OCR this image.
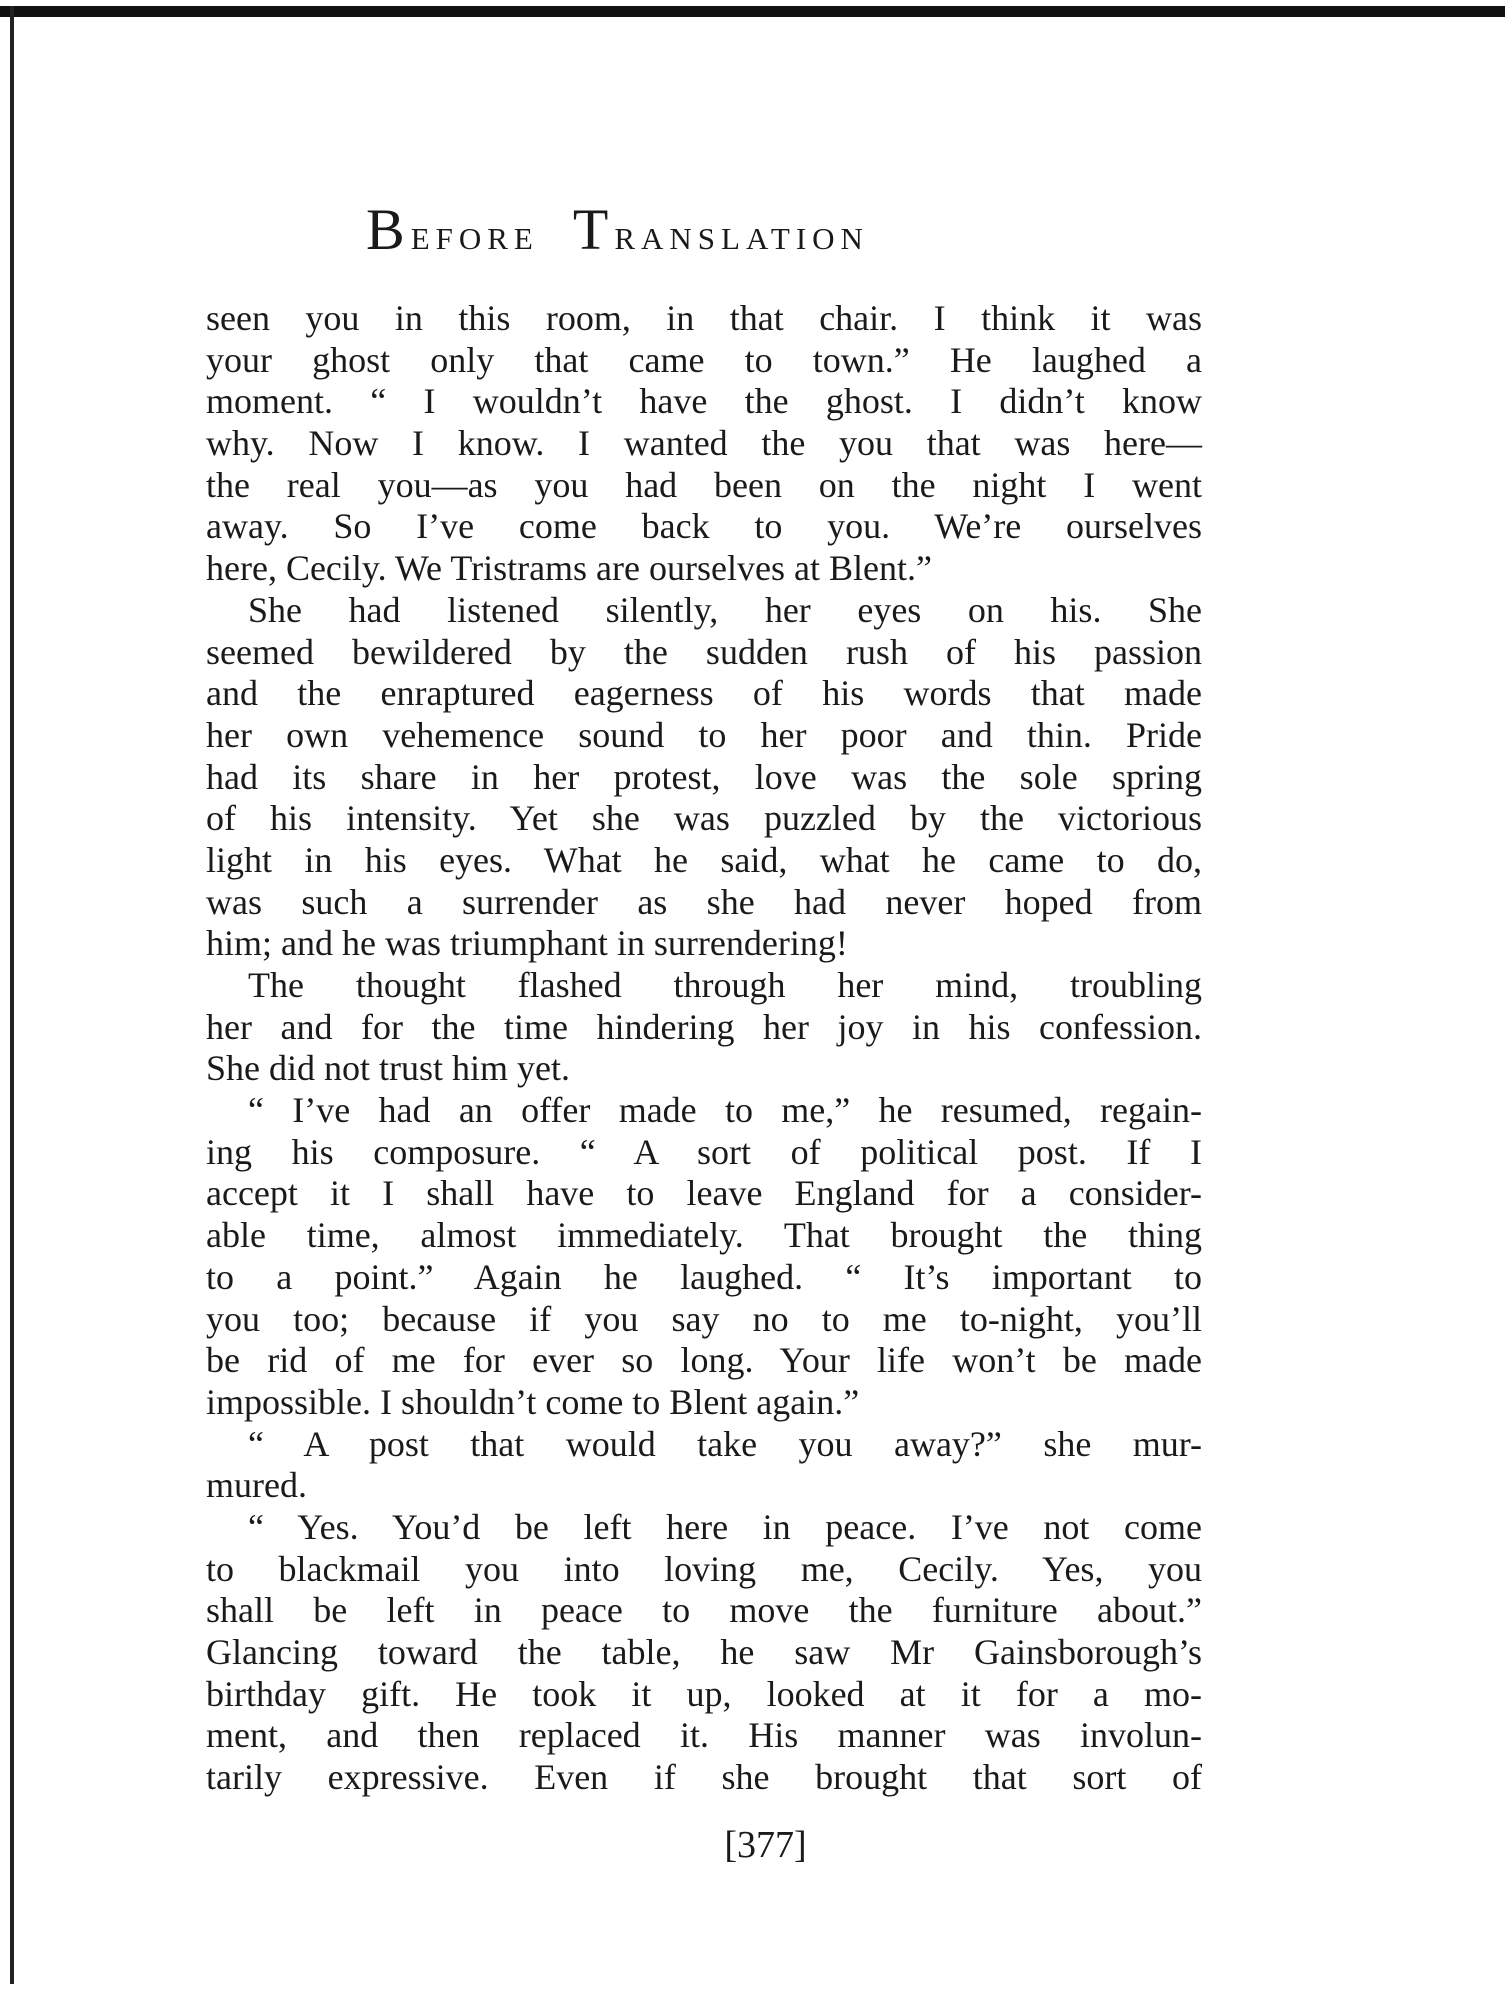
Before Translation
seen you in this room, in that chair. I think it was
your ghost only that came to town.” He laughed a
moment. “ I wouldn’t have the ghost. I didn’t know
why. Now I know. I wanted the you that was here—
the real you—as you had been on the night I went
away. So I’ve come back to you. We’re ourselves
here, Cecily. We Tristrams are ourselves at Blent.”
She had listened silently, her eyes on his. She
seemed bewildered by the sudden rush of his passion
and the enraptured eagerness of his words that made
her own vehemence sound to her poor and thin. Pride
had its share in her protest, love was the sole spring
of his intensity. Yet she was puzzled by the victorious
light in his eyes. What he said, what he came to do,
was such a surrender as she had never hoped from
him; and he was triumphant in surrendering!
The thought flashed through her mind, troubling
her and for the time hindering her joy in his confession.
She did not trust him yet.
“ I’ve had an offer made to me,” he resumed, regain-
ing his composure. “ A sort of political post. If I
accept it I shall have to leave England for a consider-
able time, almost immediately. That brought the thing
to a point.” Again he laughed. “ It’s important to
you too; because if you say no to me to-night, you’ll
be rid of me for ever so long. Your life won’t be made
impossible. I shouldn’t come to Blent again.”
“ A post that would take you away?” she mur-
mured.
“ Yes. You’d be left here in peace. I’ve not come
to blackmail you into loving me, Cecily. Yes, you
shall be left in peace to move the furniture about.”
Glancing toward the table, he saw Mr Gainsborough’s
birthday gift. He took it up, looked at it for a mo-
ment, and then replaced it. His manner was involun-
tarily expressive. Even if she brought that sort of
[377]
